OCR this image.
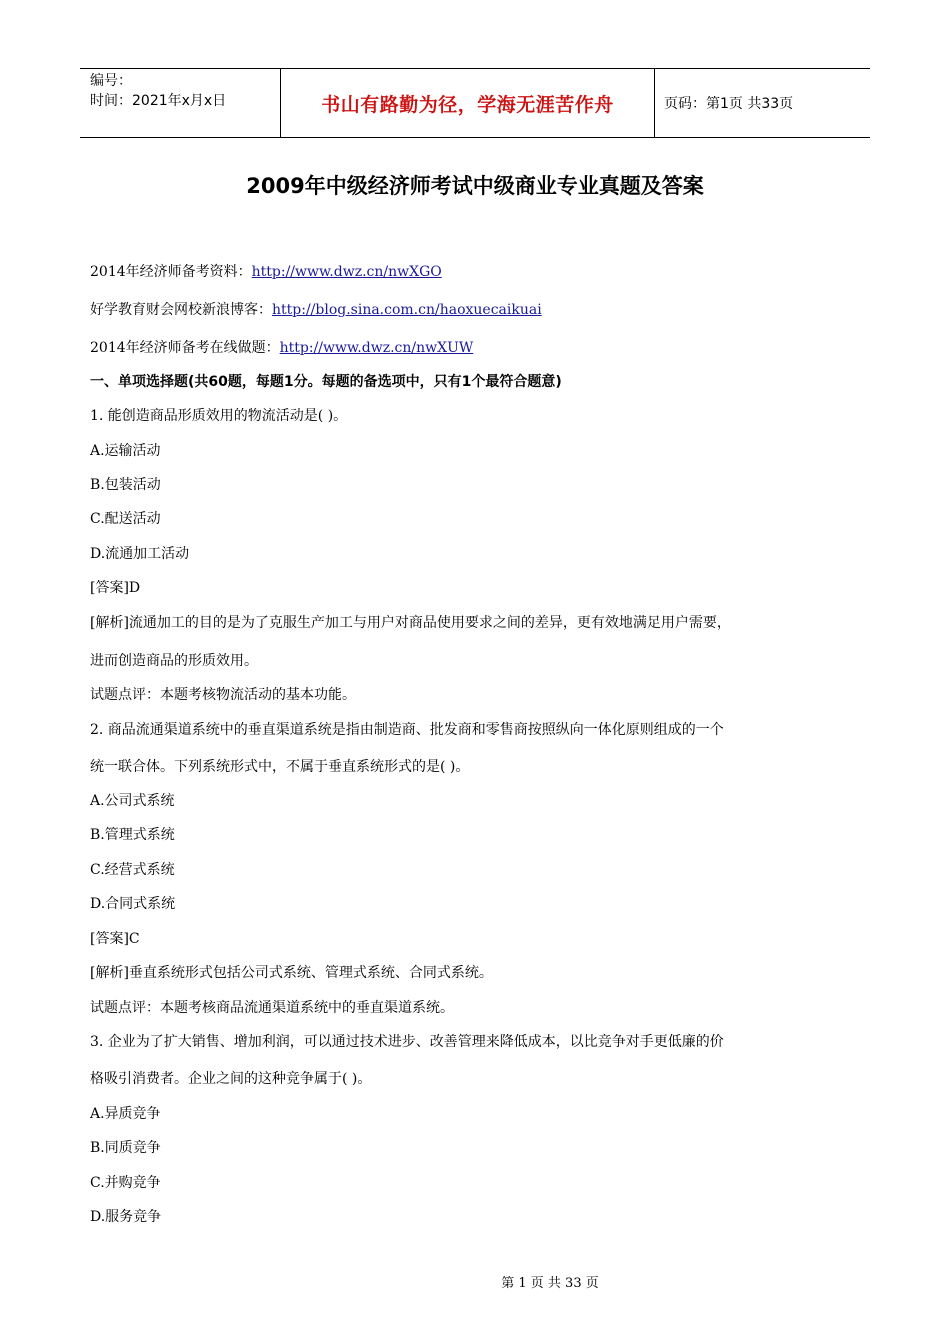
编号：
时间：2021年x月x日	书山有路勤为径，学海无涯苦作舟	页码：第1页 共33页
2009年中级经济师考试中级商业专业真题及答案
2014年经济师备考资料：http://www.dwz.cn/nwXGO
好学教育财会网校新浪博客：http://blog.sina.com.cn/haoxuecaikuai
2014年经济师备考在线做题：http://www.dwz.cn/nwXUW
一、单项选择题(共60题，每题1分。每题的备选项中，只有1个最符合题意)
1. 能创造商品形质效用的物流活动是( )。
A.运输活动
B.包装活动
C.配送活动
D.流通加工活动
[答案]D
[解析]流通加工的目的是为了克服生产加工与用户对商品使用要求之间的差异，更有效地满足用户需要，
进而创造商品的形质效用。
试题点评：本题考核物流活动的基本功能。
2. 商品流通渠道系统中的垂直渠道系统是指由制造商、批发商和零售商按照纵向一体化原则组成的一个
统一联合体。下列系统形式中，不属于垂直系统形式的是( )。
A.公司式系统
B.管理式系统
C.经营式系统
D.合同式系统
[答案]C
[解析]垂直系统形式包括公司式系统、管理式系统、合同式系统。
试题点评：本题考核商品流通渠道系统中的垂直渠道系统。
3. 企业为了扩大销售、增加利润，可以通过技术进步、改善管理来降低成本，以比竞争对手更低廉的价
格吸引消费者。企业之间的这种竞争属于( )。
A.异质竞争
B.同质竞争
C.并购竞争
D.服务竞争
第 1 页 共 33 页
